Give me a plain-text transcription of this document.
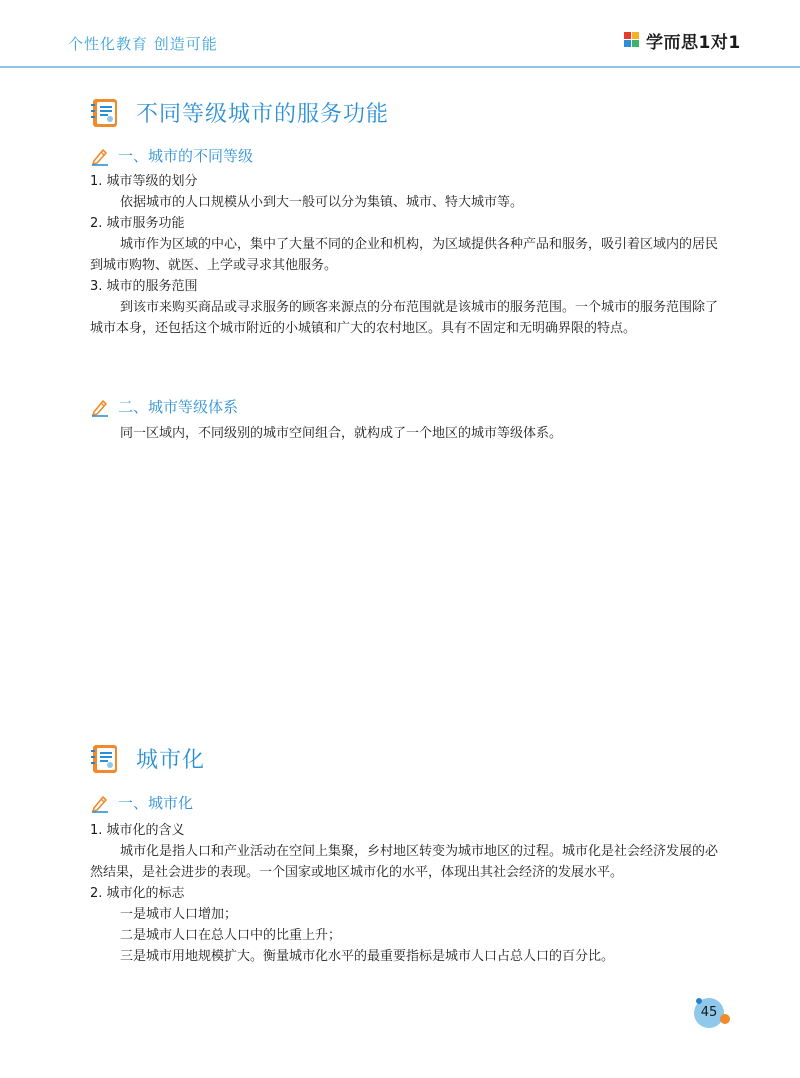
个性化教育 创造可能	学而思1对1
不同等级城市的服务功能
一、城市的不同等级
1. 城市等级的划分
依据城市的人口规模从小到大一般可以分为集镇、城市、特大城市等。
2. 城市服务功能
城市作为区域的中心，集中了大量不同的企业和机构，为区域提供各种产品和服务，吸引着区域内的居民到城市购物、就医、上学或寻求其他服务。
3. 城市的服务范围
到该市来购买商品或寻求服务的顾客来源点的分布范围就是该城市的服务范围。一个城市的服务范围除了城市本身，还包括这个城市附近的小城镇和广大的农村地区。具有不固定和无明确界限的特点。
二、城市等级体系
同一区域内，不同级别的城市空间组合，就构成了一个地区的城市等级体系。
城市化
一、城市化
1. 城市化的含义
城市化是指人口和产业活动在空间上集聚，乡村地区转变为城市地区的过程。城市化是社会经济发展的必然结果，是社会进步的表现。一个国家或地区城市化的水平，体现出其社会经济的发展水平。
2. 城市化的标志
一是城市人口增加；
二是城市人口在总人口中的比重上升；
三是城市用地规模扩大。衡量城市化水平的最重要指标是城市人口占总人口的百分比。
45
